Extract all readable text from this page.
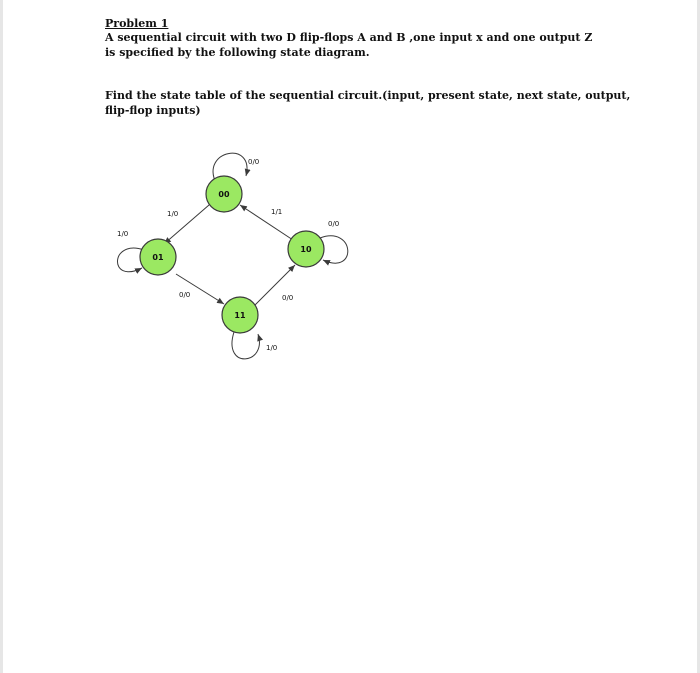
Problem 1
A sequential circuit with two D flip-flops A and B ,one input x and one output Z
is specified by the following state diagram.
Find the state table of the sequential circuit.(input, present state, next state, output,
flip-flop inputs)
00
01
10
11
0/0
1/0	1/1
1/0
0/0
0/0
0/0
1/0
